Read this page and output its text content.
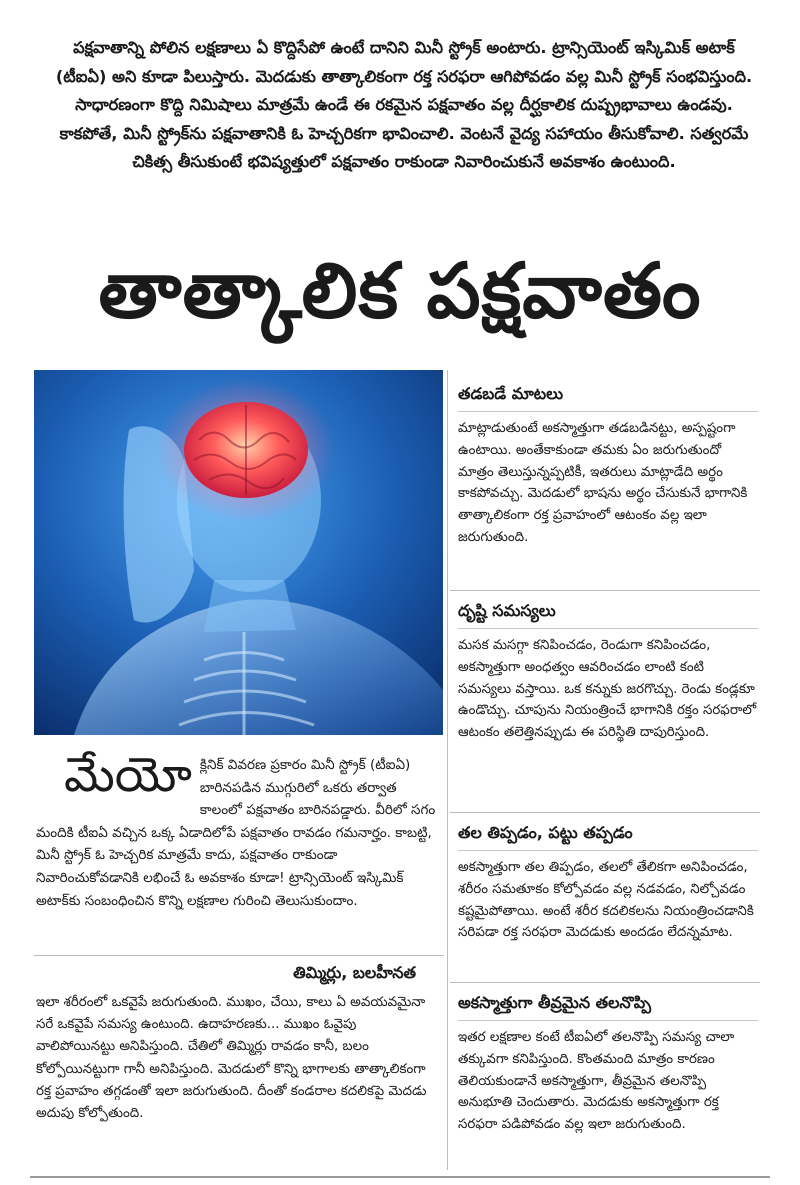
పక్షవాతాన్ని పోలిన లక్షణాలు ఏ కొద్దిసేపో ఉంటే దానిని మినీ స్ట్రోక్ అంటారు. ట్రాన్సియెంట్ ఇస్కిమిక్ అటాక్ (టీఐఏ) అని కూడా పిలుస్తారు. మెదడుకు తాత్కాలికంగా రక్త సరఫరా ఆగిపోవడం వల్ల మినీ స్ట్రోక్ సంభవిస్తుంది. సాధారణంగా కొద్ది నిమిషాలు మాత్రమే ఉండే ఈ రకమైన పక్షవాతం వల్ల దీర్ఘకాలిక దుష్ప్రభావాలు ఉండవు. కాకపోతే, మినీ స్ట్రోక్‌ను పక్షవాతానికి ఓ హెచ్చరికగా భావించాలి. వెంటనే వైద్య సహాయం తీసుకోవాలి. సత్వరమే చికిత్స తీసుకుంటే భవిష్యత్తులో పక్షవాతం రాకుండా నివారించుకునే అవకాశం ఉంటుంది.
తాత్కాలిక పక్షవాతం
తడబడే మాటలు

మాట్లాడుతుంటే అకస్మాత్తుగా తడబడినట్టు, అస్పష్టంగా ఉంటాయి. అంతేకాకుండా తమకు ఏం జరుగుతుందో మాత్రం తెలుస్తున్నప్పటికీ, ఇతరులు మాట్లాడేది అర్థం కాకపోవచ్చు. మెదడులో భాషను అర్థం చేసుకునే భాగానికి తాత్కాలికంగా రక్త ప్రవాహంలో ఆటంకం వల్ల ఇలా జరుగుతుంది.

దృష్టి సమస్యలు

మసక మసగ్గా కనిపించడం, రెండుగా కనిపించడం, అకస్మాత్తుగా అంధత్వం ఆవరించడం లాంటి కంటి సమస్యలు వస్తాయి. ఒక కన్నుకు జరగొచ్చు. రెండు కండ్లకూ ఉండొచ్చు. చూపును నియంత్రించే భాగానికి రక్తం సరఫరాలో ఆటంకం తలెత్తినప్పుడు ఈ పరిస్థితి దాపురిస్తుంది.

తల తిప్పడం, పట్టు తప్పడం

అకస్మాత్తుగా తల తిప్పడం, తలలో తేలికగా అనిపించడం, శరీరం సమతూకం కోల్పోవడం వల్ల నడవడం, నిల్చోవడం కష్టమైపోతాయి. అంటే శరీర కదలికలను నియంత్రించడానికి సరిపడా రక్త సరఫరా మెదడుకు అందడం లేదన్నమాట.

అకస్మాత్తుగా తీవ్రమైన తలనొప్పి

ఇతర లక్షణాల కంటే టీఐఏలో తలనొప్పి సమస్య చాలా తక్కువగా కనిపిస్తుంది. కొంతమంది మాత్రం కారణం తెలియకుండానే అకస్మాత్తుగా, తీవ్రమైన తలనొప్పి అనుభూతి చెందుతారు. మెదడుకు అకస్మాత్తుగా రక్త సరఫరా పడిపోవడం వల్ల ఇలా జరుగుతుంది.

మేయో క్లినిక్ వివరణ ప్రకారం మినీ స్ట్రోక్ (టీఐఏ) బారినపడిన ముగ్గురిలో ఒకరు తర్వాత కాలంలో పక్షవాతం బారినపడ్డారు. వీరిలో సగం మందికి టీఐఏ వచ్చిన ఒక్క ఏడాదిలోపే పక్షవాతం రావడం గమనార్హం. కాబట్టి, మినీ స్ట్రోక్ ఓ హెచ్చరిక మాత్రమే కాదు, పక్షవాతం రాకుండా నివారించుకోవడానికి లభించే ఓ అవకాశం కూడా! ట్రాన్సియెంట్ ఇస్కిమిక్ అటాక్‌కు సంబంధించిన కొన్ని లక్షణాల గురించి తెలుసుకుందాం.
తిమ్మిర్లు, బలహీనత

ఇలా శరీరంలో ఒకవైపే జరుగుతుంది. ముఖం, చేయి, కాలు ఏ అవయవమైనా సరే ఒకవైపే సమస్య ఉంటుంది. ఉదాహరణకు... ముఖం ఓవైపు వాలిపోయినట్టు అనిపిస్తుంది. చేతిలో తిమ్మిర్లు రావడం కానీ, బలం కోల్పోయినట్టుగా గానీ అనిపిస్తుంది. మెదడులో కొన్ని భాగాలకు తాత్కాలికంగా రక్త ప్రవాహం తగ్గడంతో ఇలా జరుగుతుంది. దీంతో కండరాల కదలికపై మెదడు అదుపు కోల్పోతుంది.
